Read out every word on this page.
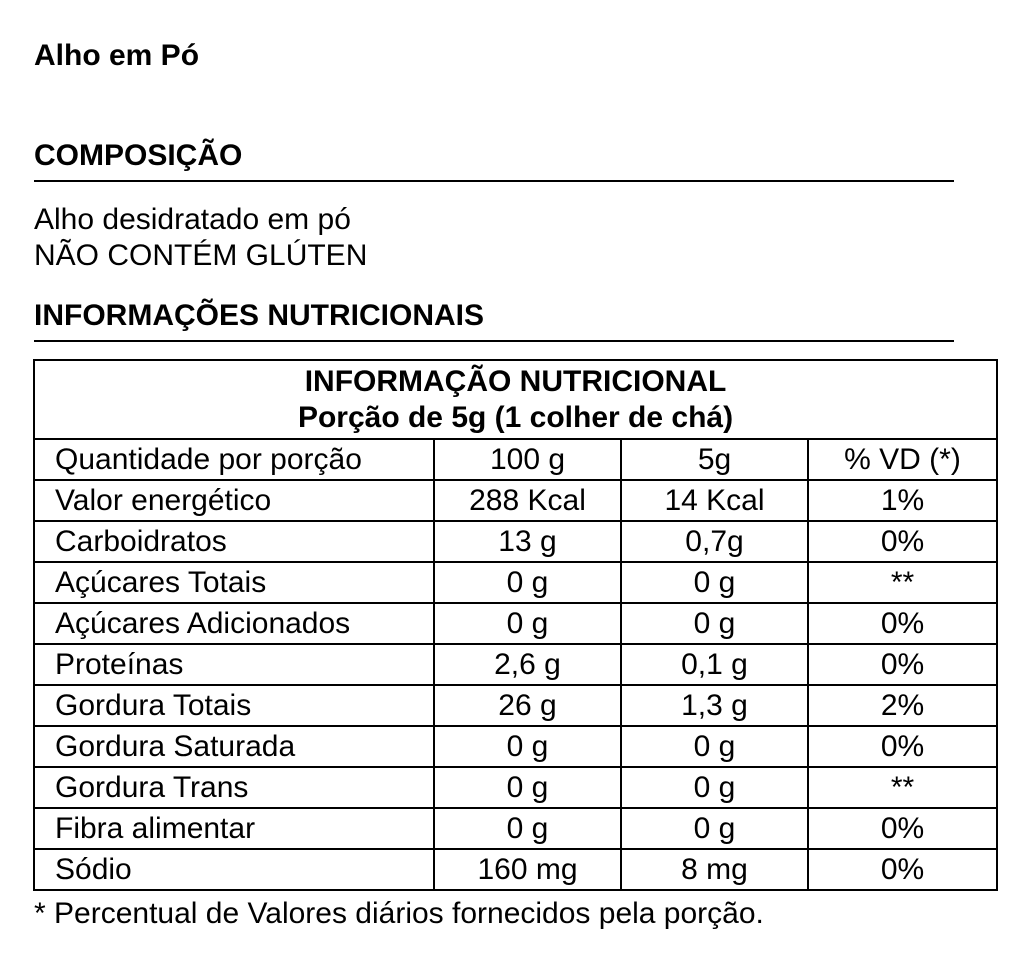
Alho em Pó
COMPOSIÇÃO
Alho desidratado em pó
NÃO CONTÉM GLÚTEN
INFORMAÇÕES NUTRICIONAIS
INFORMAÇÃO NUTRICIONAL
Porção de 5g (1 colher de chá)			

Quantidade por porção	100 g	5g	% VD (*)
Valor energético	288 Kcal	14 Kcal	1%
Carboidratos	13 g	0,7g	0%
Açúcares Totais	0 g	0 g	**
Açúcares Adicionados	0 g	0 g	0%
Proteínas	2,6 g	0,1 g	0%
Gordura Totais	26 g	1,3 g	2%
Gordura Saturada	0 g	0 g	0%
Gordura Trans	0 g	0 g	**
Fibra alimentar	0 g	0 g	0%
Sódio	160 mg	8 mg	0%
* Percentual de Valores diários fornecidos pela porção.
